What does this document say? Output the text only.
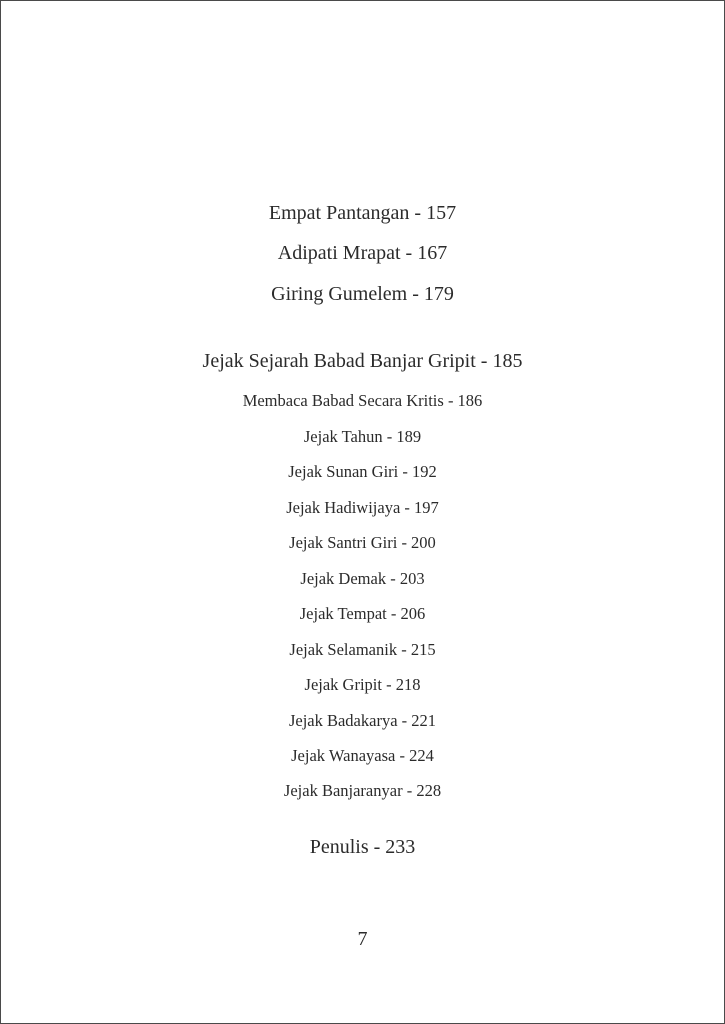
Empat Pantangan - 157
Adipati Mrapat - 167
Giring Gumelem - 179
Jejak Sejarah Babad Banjar Gripit - 185
Membaca Babad Secara Kritis - 186
Jejak Tahun - 189
Jejak Sunan Giri - 192
Jejak Hadiwijaya - 197
Jejak Santri Giri - 200
Jejak Demak - 203
Jejak Tempat - 206
Jejak Selamanik - 215
Jejak Gripit - 218
Jejak Badakarya - 221
Jejak Wanayasa - 224
Jejak Banjaranyar - 228
Penulis - 233
7
